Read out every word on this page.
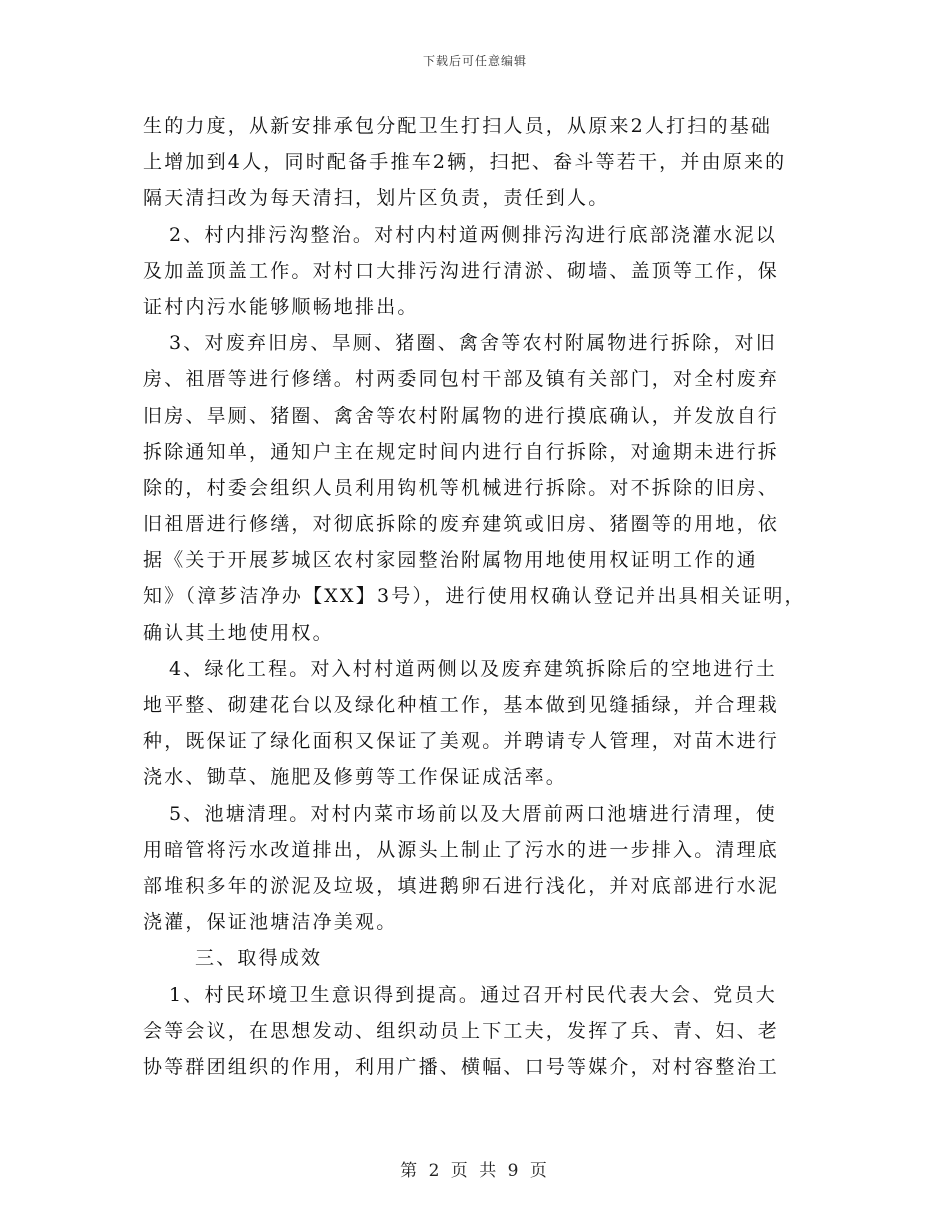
下载后可任意编辑
生的力度，从新安排承包分配卫生打扫人员，从原来2人打扫的基础
上增加到4人，同时配备手推车2辆，扫把、畚斗等若干，并由原来的
隔天清扫改为每天清扫，划片区负责，责任到人。
2、村内排污沟整治。对村内村道两侧排污沟进行底部浇灌水泥以
及加盖顶盖工作。对村口大排污沟进行清淤、砌墙、盖顶等工作，保
证村内污水能够顺畅地排出。
3、对废弃旧房、旱厕、猪圈、禽舍等农村附属物进行拆除，对旧
房、祖厝等进行修缮。村两委同包村干部及镇有关部门，对全村废弃
旧房、旱厕、猪圈、禽舍等农村附属物的进行摸底确认，并发放自行
拆除通知单，通知户主在规定时间内进行自行拆除，对逾期未进行拆
除的，村委会组织人员利用钩机等机械进行拆除。对不拆除的旧房、
旧祖厝进行修缮，对彻底拆除的废弃建筑或旧房、猪圈等的用地，依
据《关于开展芗城区农村家园整治附属物用地使用权证明工作的通
知》（漳芗洁净办【XX】3号），进行使用权确认登记并出具相关证明，
确认其土地使用权。
4、绿化工程。对入村村道两侧以及废弃建筑拆除后的空地进行土
地平整、砌建花台以及绿化种植工作，基本做到见缝插绿，并合理栽
种，既保证了绿化面积又保证了美观。并聘请专人管理，对苗木进行
浇水、锄草、施肥及修剪等工作保证成活率。
5、池塘清理。对村内菜市场前以及大厝前两口池塘进行清理，使
用暗管将污水改道排出，从源头上制止了污水的进一步排入。清理底
部堆积多年的淤泥及垃圾，填进鹅卵石进行浅化，并对底部进行水泥
浇灌，保证池塘洁净美观。
三、取得成效
1、村民环境卫生意识得到提高。通过召开村民代表大会、党员大
会等会议，在思想发动、组织动员上下工夫，发挥了兵、青、妇、老
协等群团组织的作用，利用广播、横幅、口号等媒介，对村容整治工
第 2 页 共 9 页
